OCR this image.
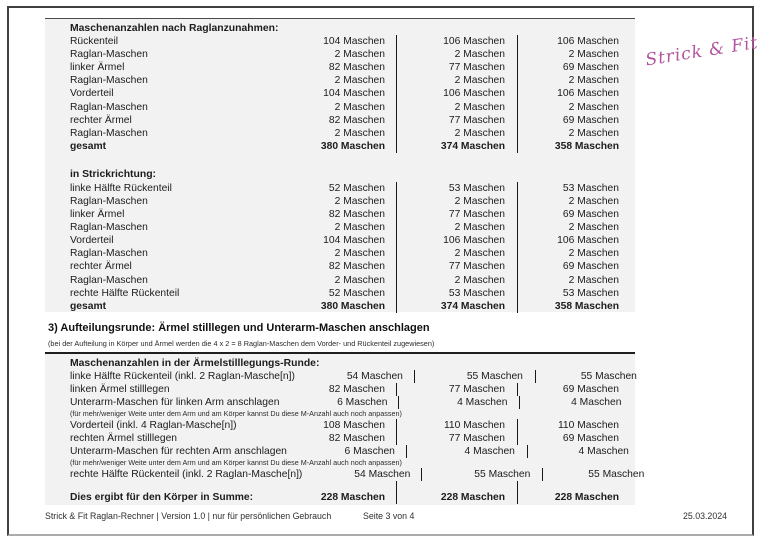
Strick & Fit
Maschenanzahlen nach Raglanzunahmen:
Rückenteil	104 Maschen	106 Maschen	106 Maschen
Raglan-Maschen	2 Maschen	2 Maschen	2 Maschen
linker Ärmel	82 Maschen	77 Maschen	69 Maschen
Raglan-Maschen	2 Maschen	2 Maschen	2 Maschen
Vorderteil	104 Maschen	106 Maschen	106 Maschen
Raglan-Maschen	2 Maschen	2 Maschen	2 Maschen
rechter Ärmel	82 Maschen	77 Maschen	69 Maschen
Raglan-Maschen	2 Maschen	2 Maschen	2 Maschen
gesamt	380 Maschen	374 Maschen	358 Maschen
in Strickrichtung:
linke Hälfte Rückenteil	52 Maschen	53 Maschen	53 Maschen
Raglan-Maschen	2 Maschen	2 Maschen	2 Maschen
linker Ärmel	82 Maschen	77 Maschen	69 Maschen
Raglan-Maschen	2 Maschen	2 Maschen	2 Maschen
Vorderteil	104 Maschen	106 Maschen	106 Maschen
Raglan-Maschen	2 Maschen	2 Maschen	2 Maschen
rechter Ärmel	82 Maschen	77 Maschen	69 Maschen
Raglan-Maschen	2 Maschen	2 Maschen	2 Maschen
rechte Hälfte Rückenteil	52 Maschen	53 Maschen	53 Maschen
gesamt	380 Maschen	374 Maschen	358 Maschen
3) Aufteilungsrunde: Ärmel stilllegen und Unterarm-Maschen anschlagen
(bei der Aufteilung in Körper und Ärmel werden die 4 x 2 = 8 Raglan-Maschen dem Vorder- und Rückenteil zugewiesen)
Maschenanzahlen in der Ärmelstilllegungs-Runde:
linke Hälfte Rückenteil (inkl. 2 Raglan-Masche[n])	54 Maschen	55 Maschen	55 Maschen
linken Ärmel stilllegen	82 Maschen	77 Maschen	69 Maschen
Unterarm-Maschen für linken Arm anschlagen	6 Maschen	4 Maschen	4 Maschen
(für mehr/weniger Weite unter dem Arm und am Körper kannst Du diese M-Anzahl auch noch anpassen)
Vorderteil (inkl. 4 Raglan-Masche[n])	108 Maschen	110 Maschen	110 Maschen
rechten Ärmel stilllegen	82 Maschen	77 Maschen	69 Maschen
Unterarm-Maschen für rechten Arm anschlagen	6 Maschen	4 Maschen	4 Maschen
(für mehr/weniger Weite unter dem Arm und am Körper kannst Du diese M-Anzahl auch noch anpassen)
rechte Hälfte Rückenteil (inkl. 2 Raglan-Masche[n])	54 Maschen	55 Maschen	55 Maschen
Dies ergibt für den Körper in Summe:	228 Maschen	228 Maschen	228 Maschen
Strick & Fit Raglan-Rechner | Version 1.0 | nur für persönlichen Gebrauch	Seite 3 von 4	25.03.2024
